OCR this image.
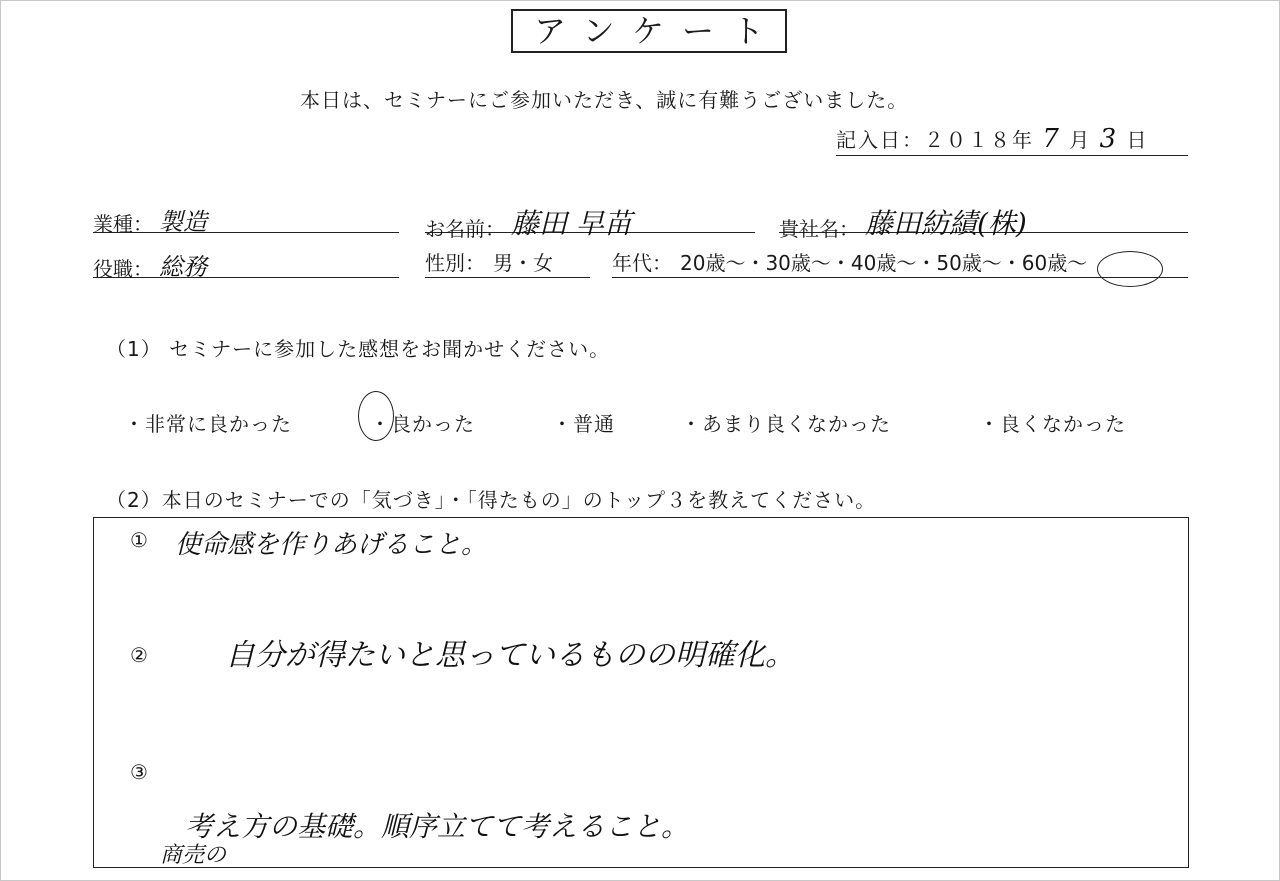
アンケート
本日は、セミナーにご参加いただき、誠に有難うございました。
記入日：２０１８年 7 月 3 日
業種： 製造	お名前： 藤田 早苗	貴社名： 藤田紡績(株)
役職： 総務	性別： 男・女	年代： 20歳～・30歳～・40歳～・50歳～・60歳～
（1） セミナーに参加した感想をお聞かせください。
・非常に良かった	・良かった	・普通	・あまり良くなかった	・良くなかった
（2）本日のセミナーでの「気づき」・「得たもの」のトップ３を教えてください。
① 使命感を作りあげること。
②	自分が得たいと思っているものの明確化。
③
考え方の基礎。順序立てて考えること。
商売の
